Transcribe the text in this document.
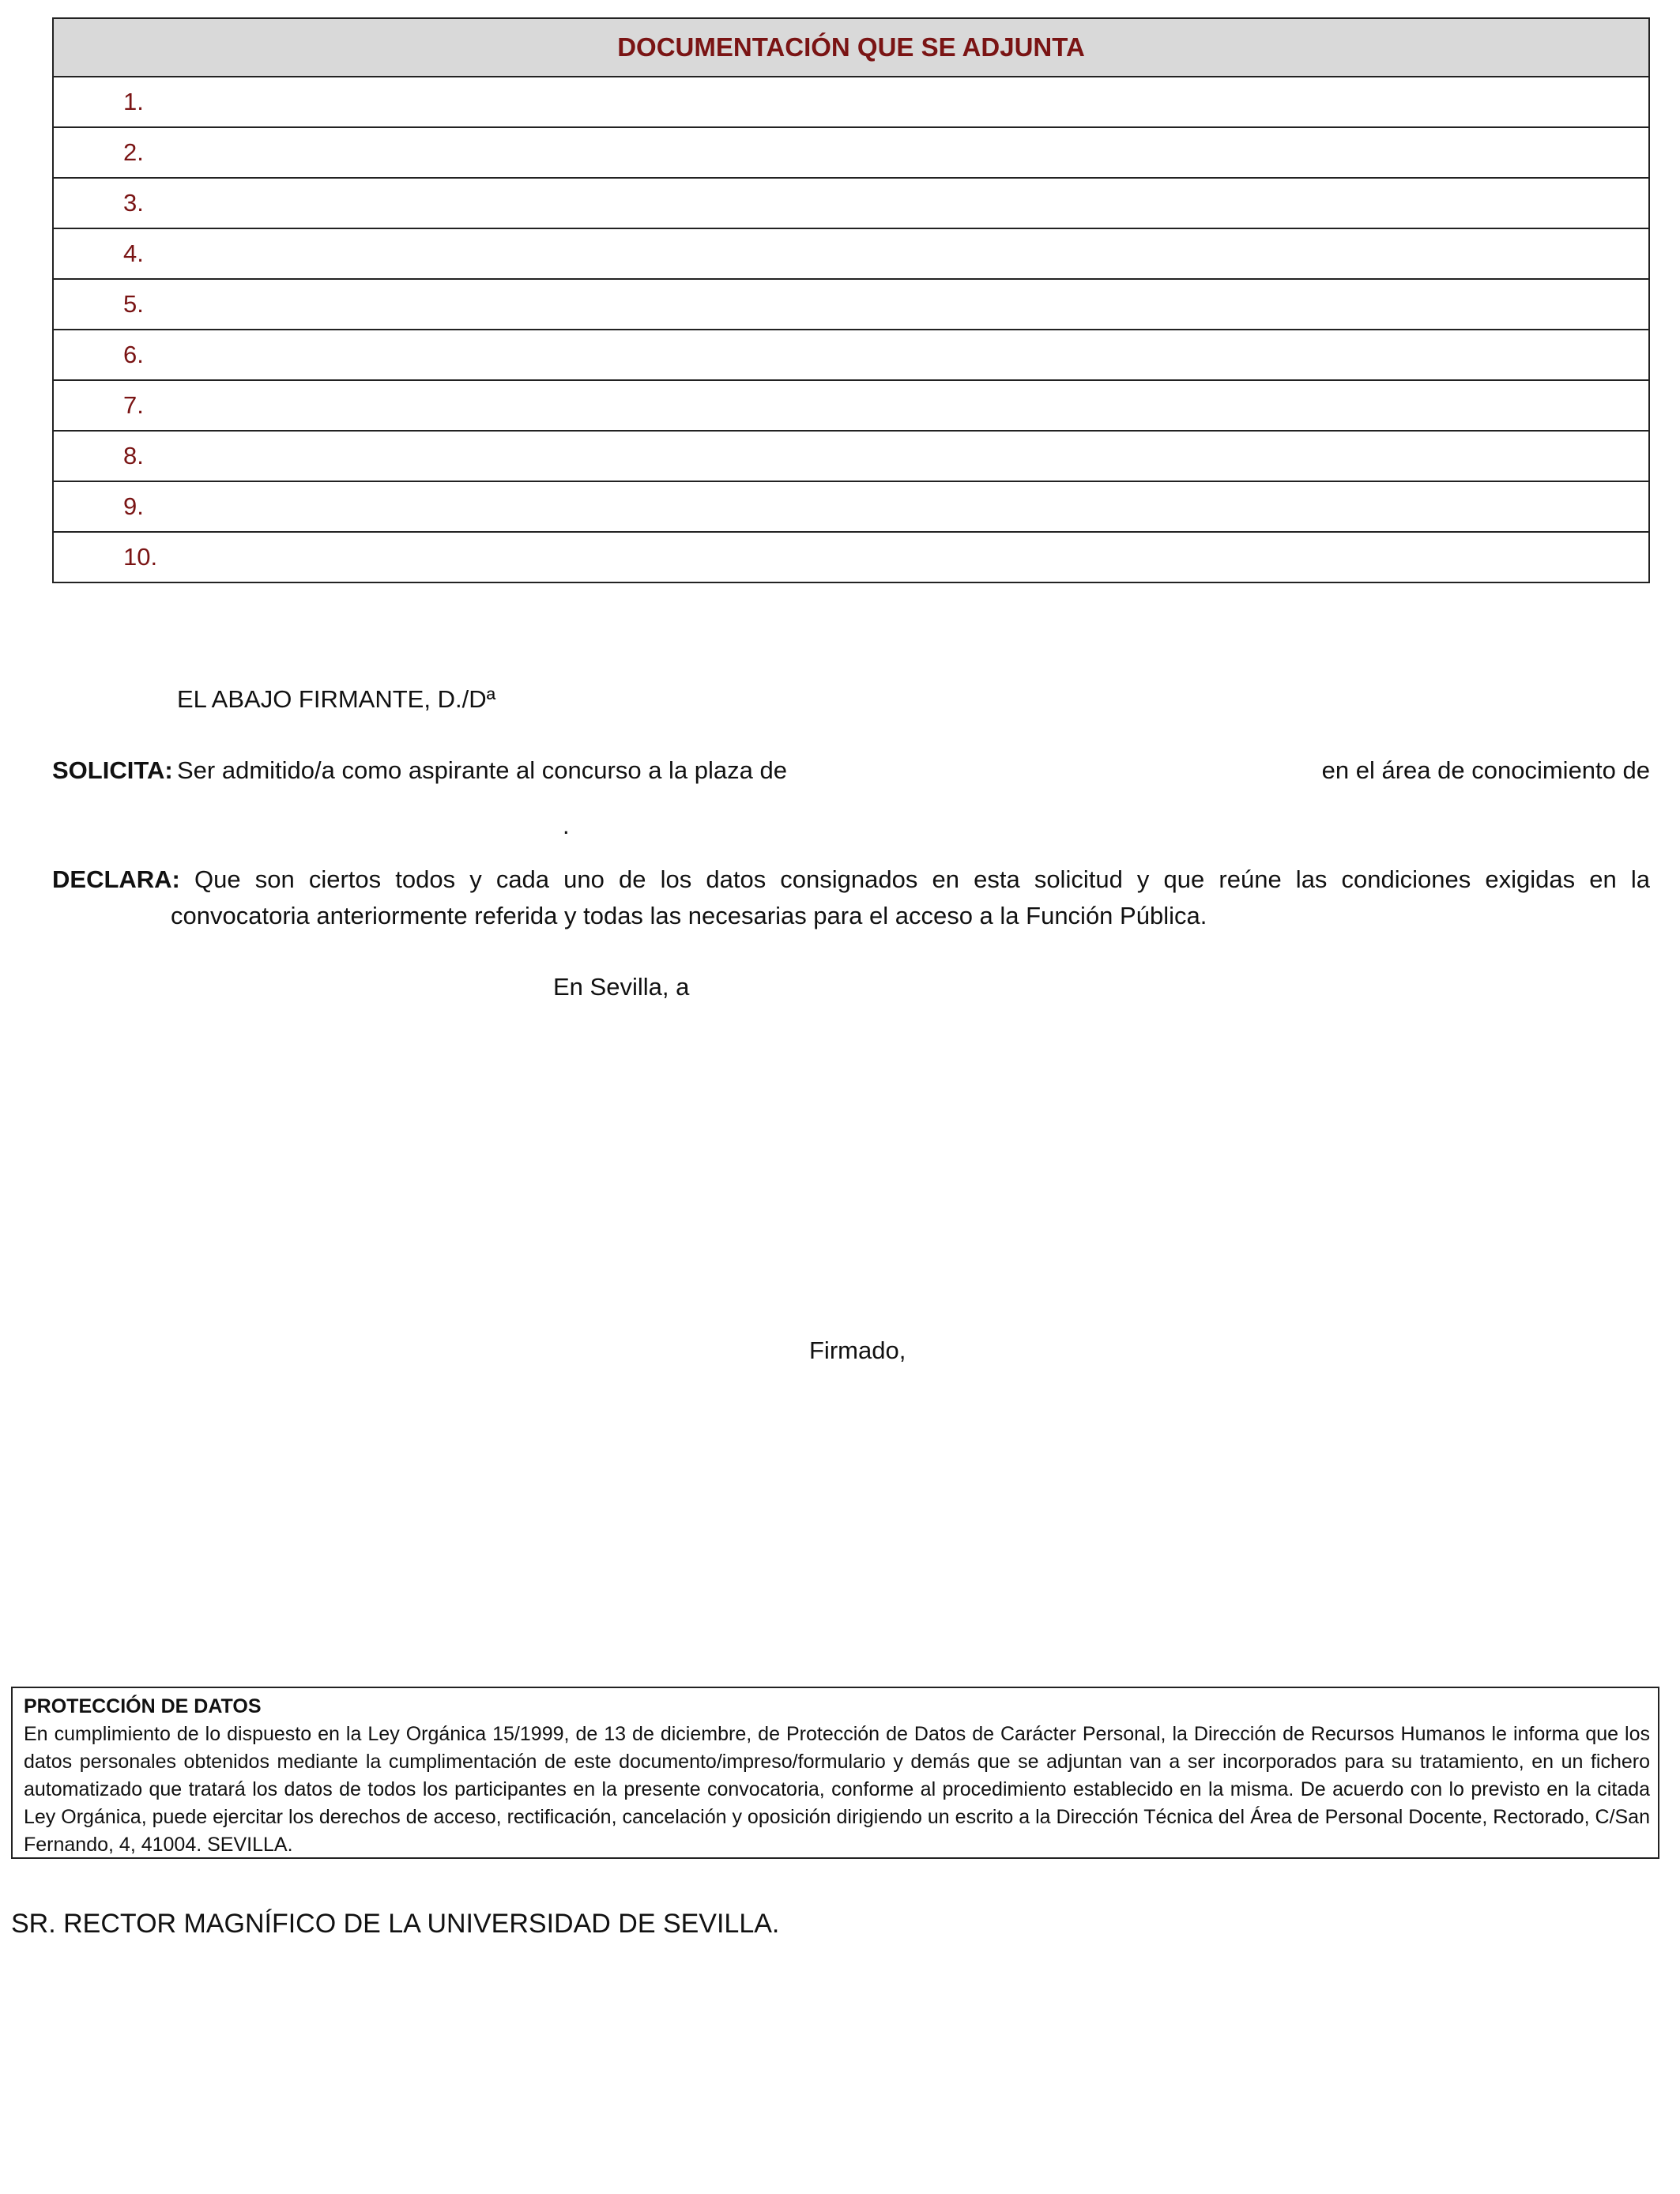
DOCUMENTACIÓN QUE SE ADJUNTA
1.
2.
3.
4.
5.
6.
7.
8.
9.
10.
EL ABAJO FIRMANTE, D./Dª
SOLICITA: Ser admitido/a como aspirante al concurso a la plaza de	en el área de conocimiento de
.
DECLARA: Que son ciertos todos y cada uno de los datos consignados en esta solicitud y que reúne las condiciones exigidas en la
convocatoria anteriormente referida y todas las necesarias para el acceso a la Función Pública.
En Sevilla, a
Firmado,
PROTECCIÓN DE DATOS
En cumplimiento de lo dispuesto en la Ley Orgánica 15/1999, de 13 de diciembre, de Protección de Datos de Carácter Personal, la Dirección de Recursos Humanos le informa que los datos personales obtenidos mediante la cumplimentación de este documento/impreso/formulario y demás que se adjuntan van a ser incorporados para su tratamiento, en un fichero automatizado que tratará los datos de todos los participantes en la presente convocatoria, conforme al procedimiento establecido en la misma. De acuerdo con lo previsto en la citada Ley Orgánica, puede ejercitar los derechos de acceso, rectificación, cancelación y oposición dirigiendo un escrito a la Dirección Técnica del Área de Personal Docente, Rectorado, C/San Fernando, 4, 41004. SEVILLA.
SR. RECTOR MAGNÍFICO DE LA UNIVERSIDAD DE SEVILLA.
